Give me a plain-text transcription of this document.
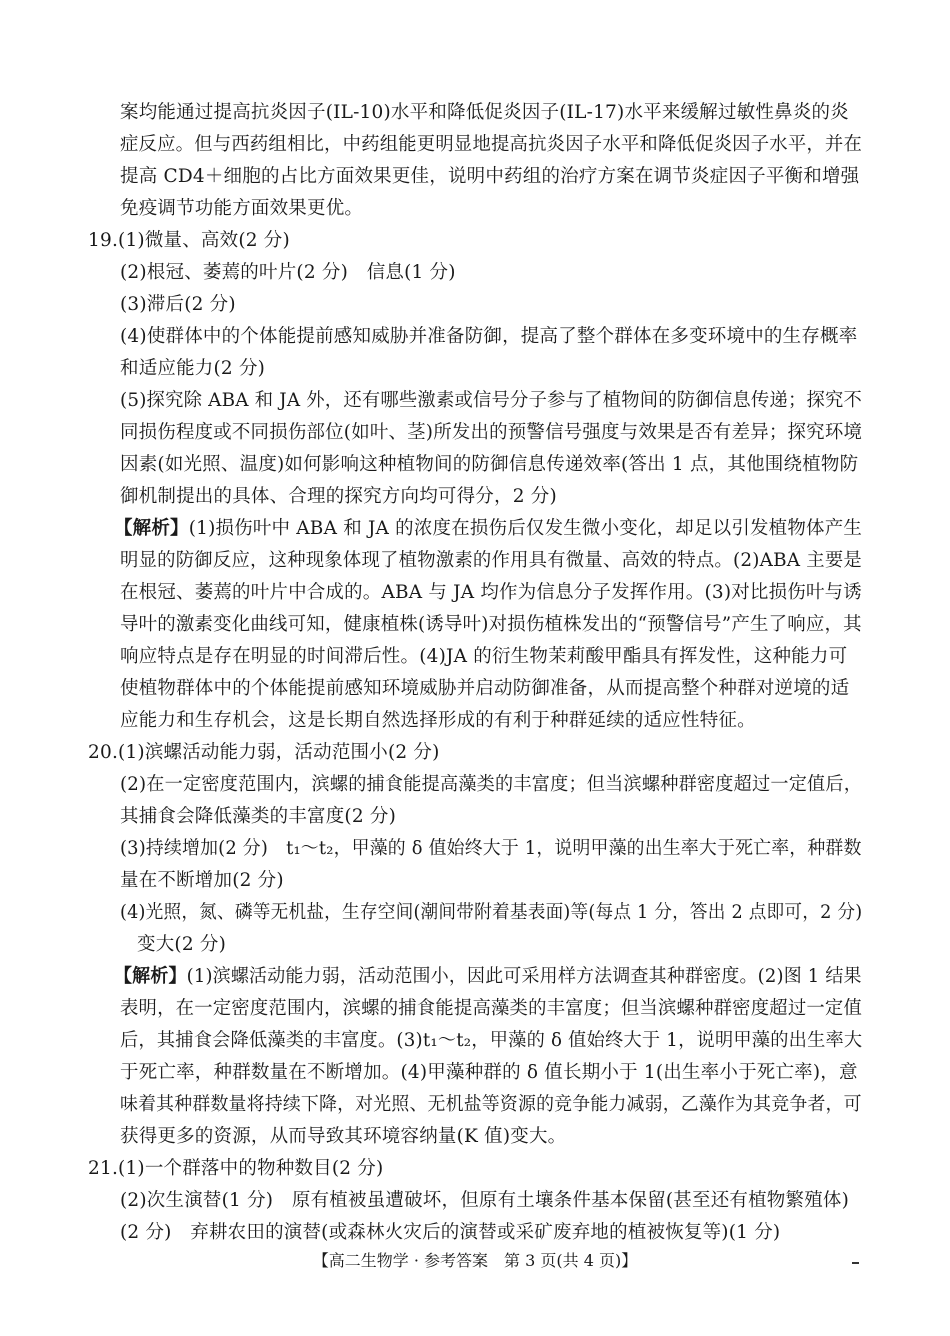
案均能通过提高抗炎因子(IL-10)水平和降低促炎因子(IL-17)水平来缓解过敏性鼻炎的炎
症反应。但与西药组相比，中药组能更明显地提高抗炎因子水平和降低促炎因子水平，并在
提高 CD4＋细胞的占比方面效果更佳，说明中药组的治疗方案在调节炎症因子平衡和增强
免疫调节功能方面效果更优。
19.(1)微量、高效(2 分)
(2)根冠、萎蔫的叶片(2 分)　信息(1 分)
(3)滞后(2 分)
(4)使群体中的个体能提前感知威胁并准备防御，提高了整个群体在多变环境中的生存概率
和适应能力(2 分)
(5)探究除 ABA 和 JA 外，还有哪些激素或信号分子参与了植物间的防御信息传递；探究不
同损伤程度或不同损伤部位(如叶、茎)所发出的预警信号强度与效果是否有差异；探究环境
因素(如光照、温度)如何影响这种植物间的防御信息传递效率(答出 1 点，其他围绕植物防
御机制提出的具体、合理的探究方向均可得分，2 分)
【解析】(1)损伤叶中 ABA 和 JA 的浓度在损伤后仅发生微小变化，却足以引发植物体产生
明显的防御反应，这种现象体现了植物激素的作用具有微量、高效的特点。(2)ABA 主要是
在根冠、萎蔫的叶片中合成的。ABA 与 JA 均作为信息分子发挥作用。(3)对比损伤叶与诱
导叶的激素变化曲线可知，健康植株(诱导叶)对损伤植株发出的“预警信号”产生了响应，其
响应特点是存在明显的时间滞后性。(4)JA 的衍生物茉莉酸甲酯具有挥发性，这种能力可
使植物群体中的个体能提前感知环境威胁并启动防御准备，从而提高整个种群对逆境的适
应能力和生存机会，这是长期自然选择形成的有利于种群延续的适应性特征。
20.(1)滨螺活动能力弱，活动范围小(2 分)
(2)在一定密度范围内，滨螺的捕食能提高藻类的丰富度；但当滨螺种群密度超过一定值后，
其捕食会降低藻类的丰富度(2 分)
(3)持续增加(2 分)　t₁～t₂，甲藻的 δ 值始终大于 1，说明甲藻的出生率大于死亡率，种群数
量在不断增加(2 分)
(4)光照，氮、磷等无机盐，生存空间(潮间带附着基表面)等(每点 1 分，答出 2 点即可，2 分)
变大(2 分)
【解析】(1)滨螺活动能力弱，活动范围小，因此可采用样方法调查其种群密度。(2)图 1 结果
表明，在一定密度范围内，滨螺的捕食能提高藻类的丰富度；但当滨螺种群密度超过一定值
后，其捕食会降低藻类的丰富度。(3)t₁～t₂，甲藻的 δ 值始终大于 1，说明甲藻的出生率大
于死亡率，种群数量在不断增加。(4)甲藻种群的 δ 值长期小于 1(出生率小于死亡率)，意
味着其种群数量将持续下降，对光照、无机盐等资源的竞争能力减弱，乙藻作为其竞争者，可
获得更多的资源，从而导致其环境容纳量(K 值)变大。
21.(1)一个群落中的物种数目(2 分)
(2)次生演替(1 分)　原有植被虽遭破坏，但原有土壤条件基本保留(甚至还有植物繁殖体)
(2 分)　弃耕农田的演替(或森林火灾后的演替或采矿废弃地的植被恢复等)(1 分)
【高二生物学 · 参考答案　第 3 页(共 4 页)】
